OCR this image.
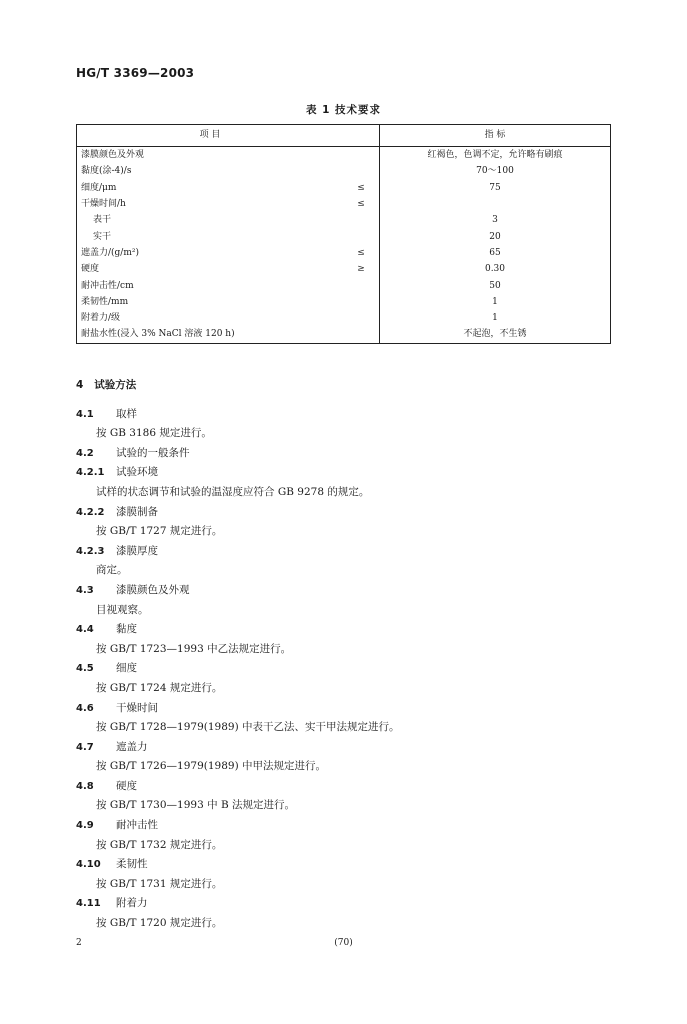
HG/T 3369—2003
表 1 技术要求
项 目		指 标
漆膜颜色及外观		红褐色，色调不定，允许略有刷痕
黏度(涂-4)/s		70～100
细度/μm	≤	75
干燥时间/h	≤	
表干		3
实干		20
遮盖力/(g/m²)	≤	65
硬度	≥	0.30
耐冲击性/cm		50
柔韧性/mm		1
附着力/级		1
耐盐水性(浸入 3% NaCl 溶液 120 h)		不起泡，不生锈
4 试验方法
4.1 取样
按 GB 3186 规定进行。
4.2 试验的一般条件
4.2.1 试验环境
试样的状态调节和试验的温湿度应符合 GB 9278 的规定。
4.2.2 漆膜制备
按 GB/T 1727 规定进行。
4.2.3 漆膜厚度
商定。
4.3 漆膜颜色及外观
目视观察。
4.4 黏度
按 GB/T 1723—1993 中乙法规定进行。
4.5 细度
按 GB/T 1724 规定进行。
4.6 干燥时间
按 GB/T 1728—1979(1989) 中表干乙法、实干甲法规定进行。
4.7 遮盖力
按 GB/T 1726—1979(1989) 中甲法规定进行。
4.8 硬度
按 GB/T 1730—1993 中 B 法规定进行。
4.9 耐冲击性
按 GB/T 1732 规定进行。
4.10 柔韧性
按 GB/T 1731 规定进行。
4.11 附着力
按 GB/T 1720 规定进行。
2	(70)
